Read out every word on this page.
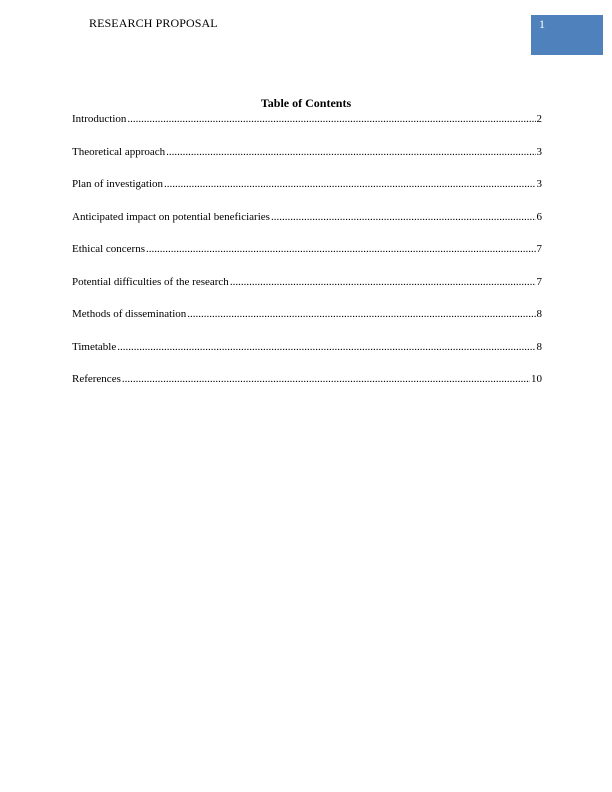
RESEARCH PROPOSAL	1
Table of Contents
Introduction .....	2
Theoretical approach .....	3
Plan of investigation .....	3
Anticipated impact on potential beneficiaries .....	6
Ethical concerns .....	7
Potential difficulties of the research .....	7
Methods of dissemination .....	8
Timetable .....	8
References .....	10
